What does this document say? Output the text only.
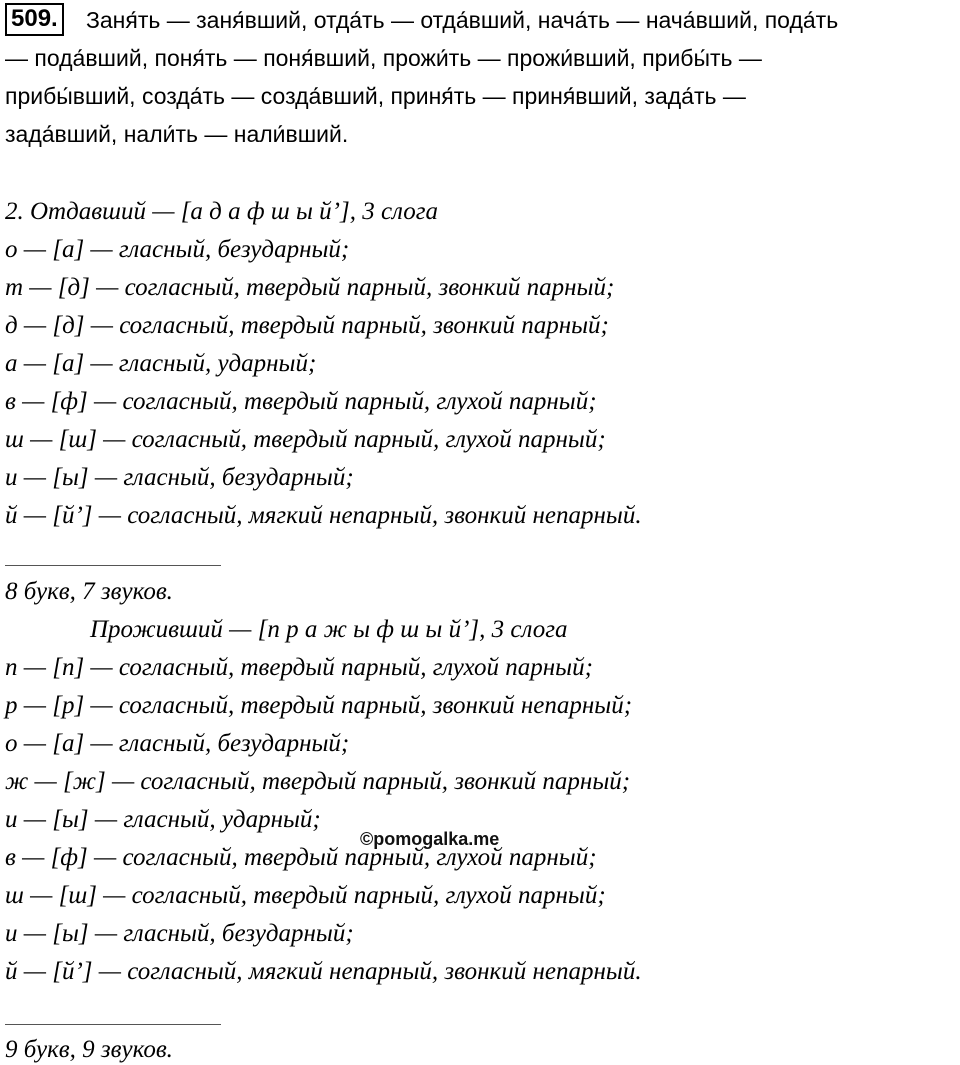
509. Заня́ть — заня́вший, отда́ть — отда́вший, нача́ть — нача́вший, пода́ть
— пода́вший, поня́ть — поня́вший, прожи́ть — прожи́вший, прибы́ть —
прибы́вший, созда́ть — созда́вший, приня́ть — приня́вший, зада́ть —
зада́вший, нали́ть — нали́вший.
2. Отдавший — [а д а ф ш ы й’], 3 слога
о — [а] — гласный, безударный;
т — [д] — согласный, твердый парный, звонкий парный;
д — [д] — согласный, твердый парный, звонкий парный;
а — [а] — гласный, ударный;
в — [ф] — согласный, твердый парный, глухой парный;
ш — [ш] — согласный, твердый парный, глухой парный;
и — [ы] — гласный, безударный;
й — [й’] — согласный, мягкий непарный, звонкий непарный.
8 букв, 7 звуков.
Проживший — [п р а ж ы ф ш ы й’], 3 слога
п — [п] — согласный, твердый парный, глухой парный;
р — [р] — согласный, твердый парный, звонкий непарный;
о — [а] — гласный, безударный;
ж — [ж] — согласный, твердый парный, звонкий парный;
и — [ы] — гласный, ударный;
в — [ф] — согласный, твердый парный, глухой парный;
ш — [ш] — согласный, твердый парный, глухой парный;
и — [ы] — гласный, безударный;
й — [й’] — согласный, мягкий непарный, звонкий непарный.
9 букв, 9 звуков.
©pomogalka.me
